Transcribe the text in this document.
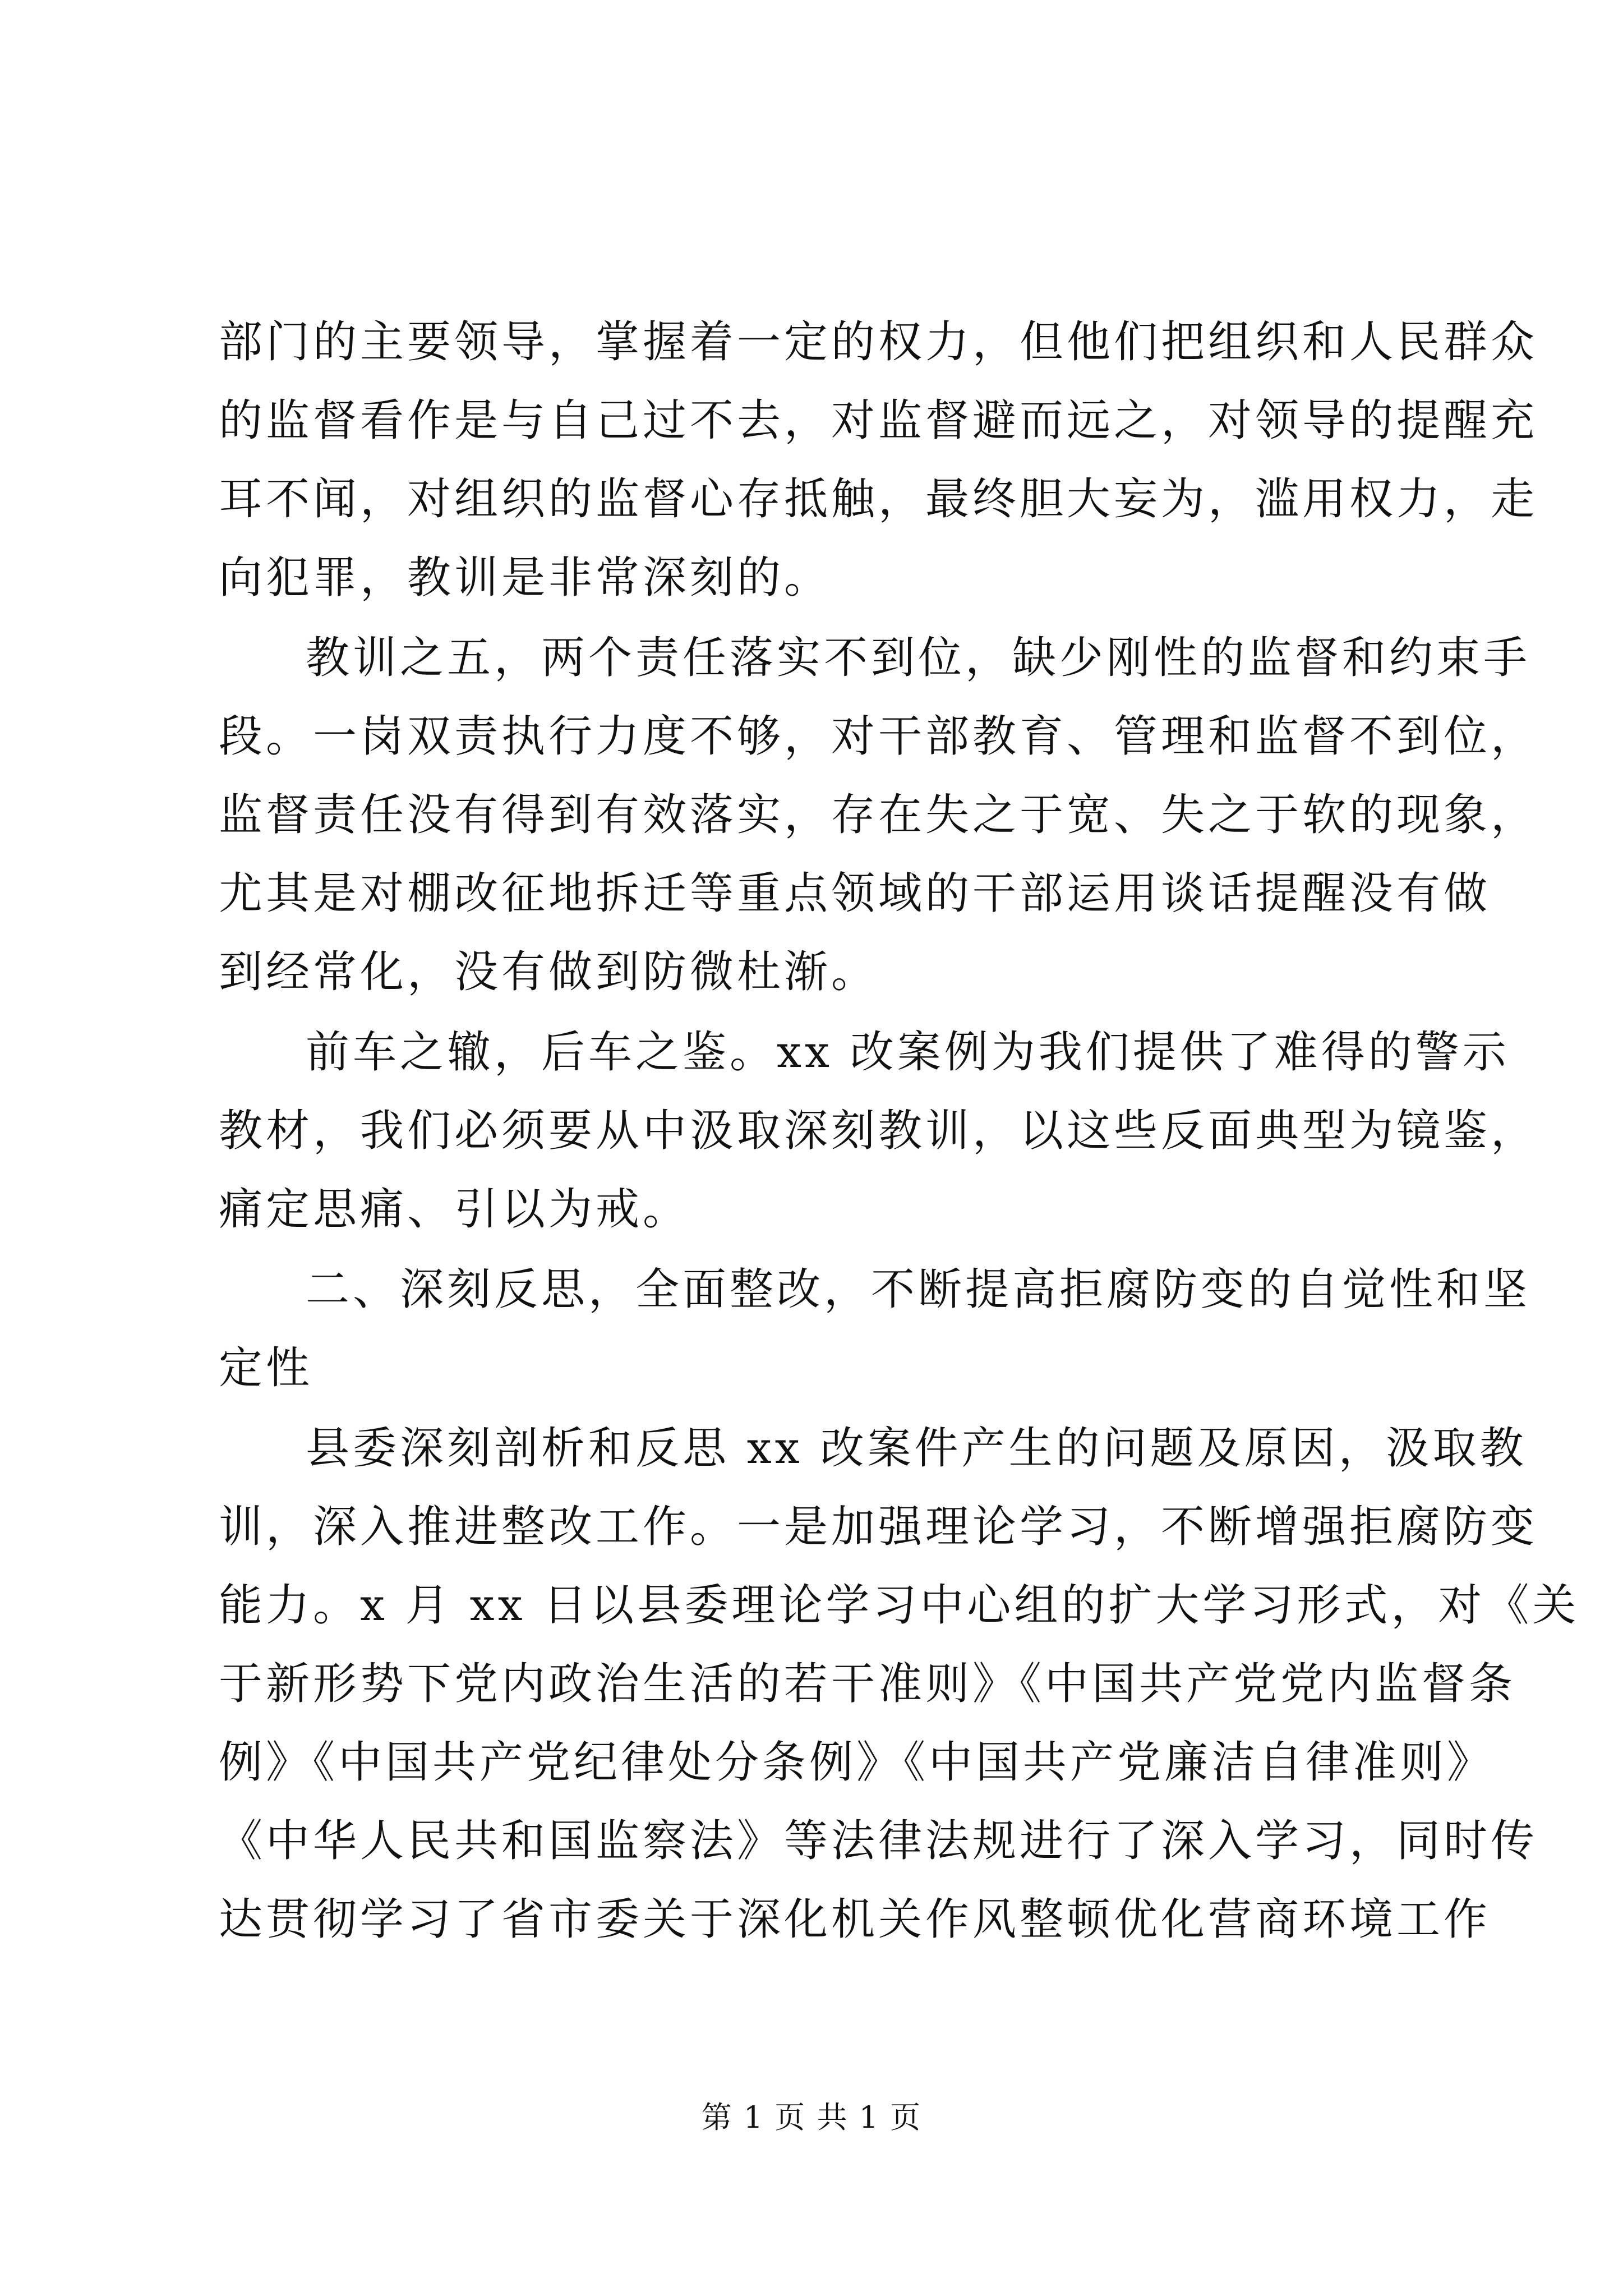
部门的主要领导，掌握着一定的权力，但他们把组织和人民群众
的监督看作是与自己过不去，对监督避而远之，对领导的提醒充
耳不闻，对组织的监督心存抵触，最终胆大妄为，滥用权力，走
向犯罪，教训是非常深刻的。
教训之五，两个责任落实不到位，缺少刚性的监督和约束手
段。一岗双责执行力度不够，对干部教育、管理和监督不到位，
监督责任没有得到有效落实，存在失之于宽、失之于软的现象，
尤其是对棚改征地拆迁等重点领域的干部运用谈话提醒没有做
到经常化，没有做到防微杜渐。
前车之辙，后车之鉴。xx 改案例为我们提供了难得的警示
教材，我们必须要从中汲取深刻教训，以这些反面典型为镜鉴，
痛定思痛、引以为戒。
二、深刻反思，全面整改，不断提高拒腐防变的自觉性和坚
定性
县委深刻剖析和反思 xx 改案件产生的问题及原因，汲取教
训，深入推进整改工作。一是加强理论学习，不断增强拒腐防变
能力。x 月 xx 日以县委理论学习中心组的扩大学习形式，对《关
于新形势下党内政治生活的若干准则》《中国共产党党内监督条
例》《中国共产党纪律处分条例》《中国共产党廉洁自律准则》
《中华人民共和国监察法》等法律法规进行了深入学习，同时传
达贯彻学习了省市委关于深化机关作风整顿优化营商环境工作
第 1 页 共 1 页
